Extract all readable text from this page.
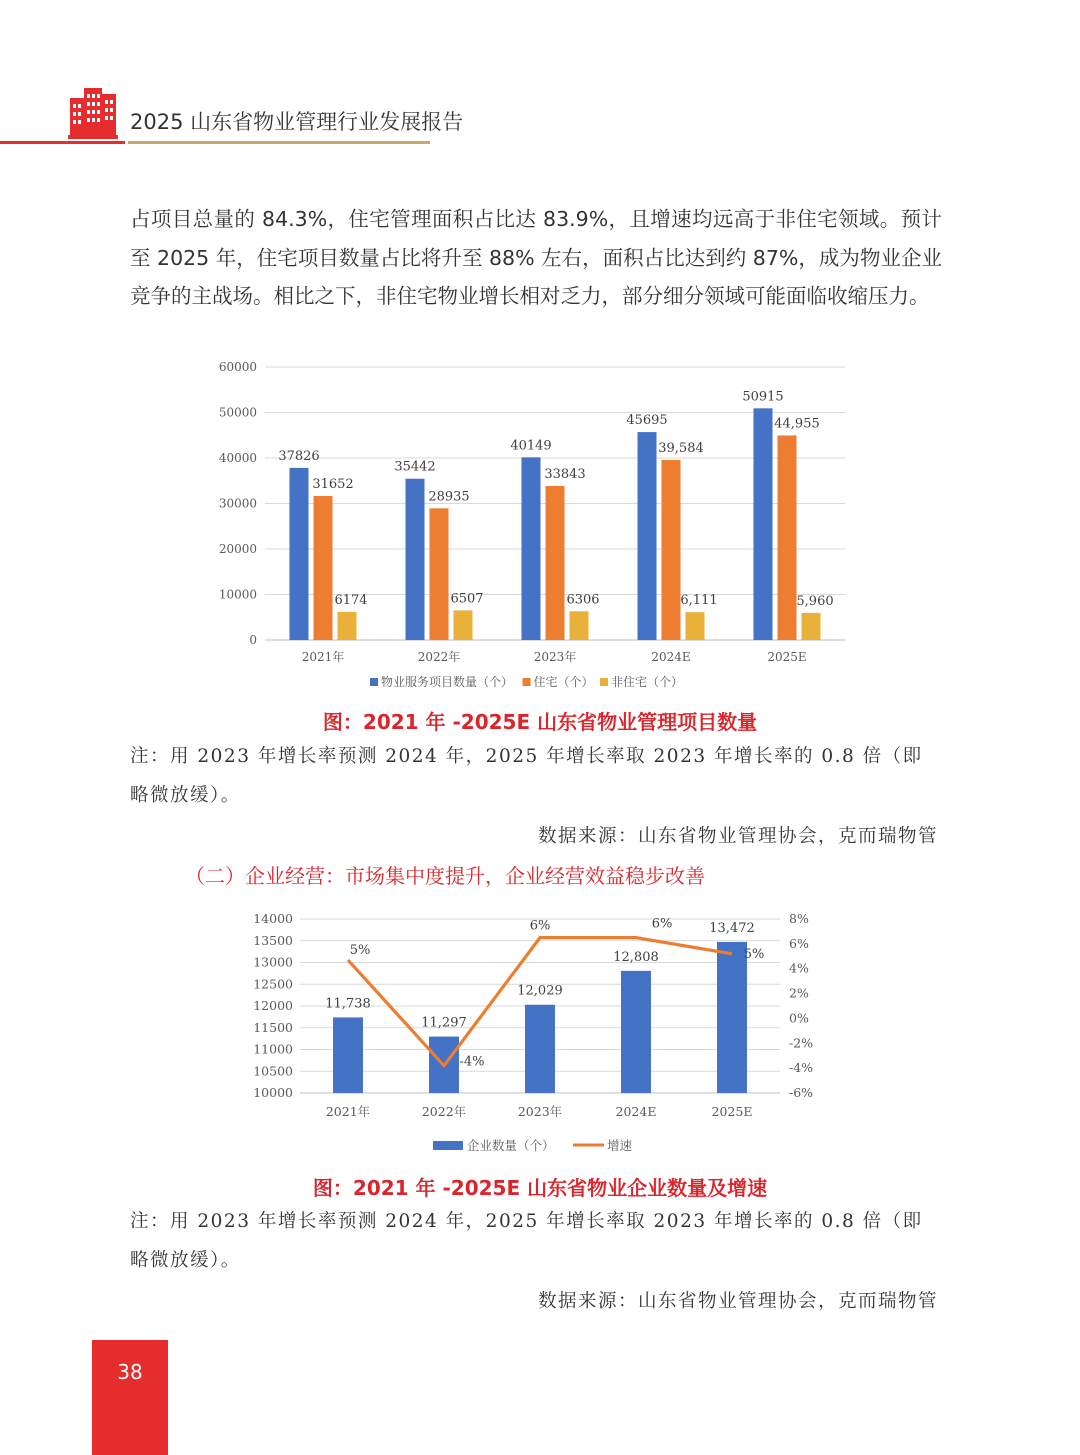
2025 山东省物业管理行业发展报告
占项目总量的 84.3%，住宅管理面积占比达 83.9%，且增速均远高于非住宅领域。预计至 2025 年，住宅项目数量占比将升至 88% 左右，面积占比达到约 87%，成为物业企业竞争的主战场。相比之下，非住宅物业增长相对乏力，部分细分领域可能面临收缩压力。
0
10000
20000
30000
40000
50000
60000
37826
31652
6174
2021年
35442
28935
6507
2022年
40149
33843
6306
2023年
45695
39,584
6,111
2024E
50915
44,955
5,960
2025E
物业服务项目数量（个） 住宅（个） 非住宅（个）
图：2021 年 -2025E 山东省物业管理项目数量
注：用 2023 年增长率预测 2024 年，2025 年增长率取 2023 年增长率的 0.8 倍（即略微放缓）。
数据来源：山东省物业管理协会，克而瑞物管
（二）企业经营：市场集中度提升，企业经营效益稳步改善
10000
10500
11000
11500
12000
12500
13000
13500
14000
-6%
-4%
-2%
0%
2%
4%
6%
8%
11,738
2021年
11,297
2022年
12,029
2023年
12,808
2024E
13,472
2025E
5%
-4%
6%	6%
5%
企业数量（个）	增速
图：2021 年 -2025E 山东省物业企业数量及增速
注：用 2023 年增长率预测 2024 年，2025 年增长率取 2023 年增长率的 0.8 倍（即略微放缓）。
数据来源：山东省物业管理协会，克而瑞物管
38
